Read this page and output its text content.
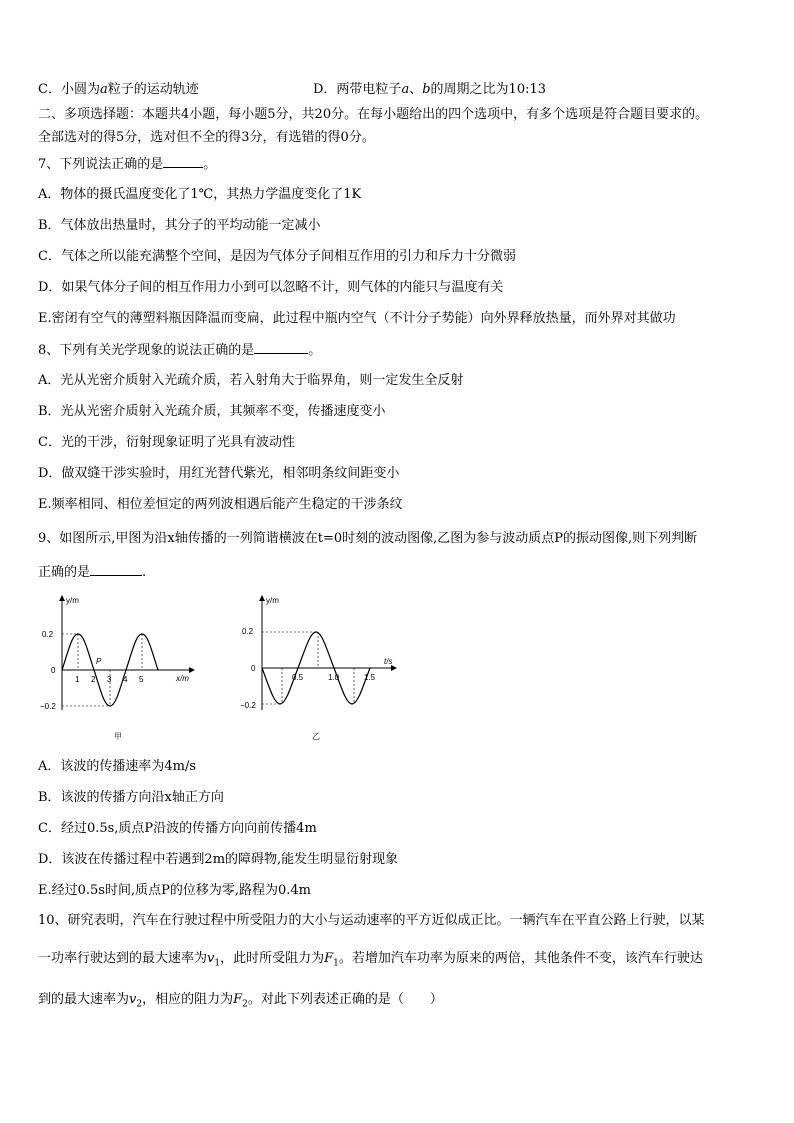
C．小圆为a粒子的运动轨迹	D．两带电粒子a、b的周期之比为10:13
二、多项选择题：本题共4小题，每小题5分，共20分。在每小题给出的四个选项中，有多个选项是符合题目要求的。
全部选对的得5分，选对但不全的得3分，有选错的得0分。
7、下列说法正确的是	。
A．物体的摄氏温度变化了1℃，其热力学温度变化了1K
B．气体放出热量时，其分子的平均动能一定减小
C．气体之所以能充满整个空间，是因为气体分子间相互作用的引力和斥力十分微弱
D．如果气体分子间的相互作用力小到可以忽略不计，则气体的内能只与温度有关
E.密闭有空气的薄塑料瓶因降温而变扁，此过程中瓶内空气（不计分子势能）向外界释放热量，而外界对其做功
8、下列有关光学现象的说法正确的是	。
A．光从光密介质射入光疏介质，若入射角大于临界角，则一定发生全反射
B．光从光密介质射入光疏介质，其频率不变，传播速度变小
C．光的干涉，衍射现象证明了光具有波动性
D．做双缝干涉实验时，用红光替代紫光，相邻明条纹间距变小
E.频率相同、相位差恒定的两列波相遇后能产生稳定的干涉条纹
9、如图所示,甲图为沿x轴传播的一列简谐横波在t=0时刻的波动图像,乙图为参与波动质点P的振动图像,则下列判断
正确的是	.
y/m
x/m
0.2
0
−0.2
1 2 3 4 5
P
甲
y/m
t/s
0.2
0
−0.2
0.5	1.0	1.5
乙
A．该波的传播速率为4m/s
B．该波的传播方向沿x轴正方向
C．经过0.5s,质点P沿波的传播方向向前传播4m
D．该波在传播过程中若遇到2m的障碍物,能发生明显衍射现象
E.经过0.5s时间,质点P的位移为零,路程为0.4m
10、研究表明，汽车在行驶过程中所受阻力的大小与运动速率的平方近似成正比。一辆汽车在平直公路上行驶，以某
一功率行驶达到的最大速率为$v_1$，此时所受阻力为$F_1$。若增加汽车功率为原来的两倍，其他条件不变，该汽车行驶达
到的最大速率为$v_2$，相应的阻力为$F_2$。对此下列表述正确的是（　　）
